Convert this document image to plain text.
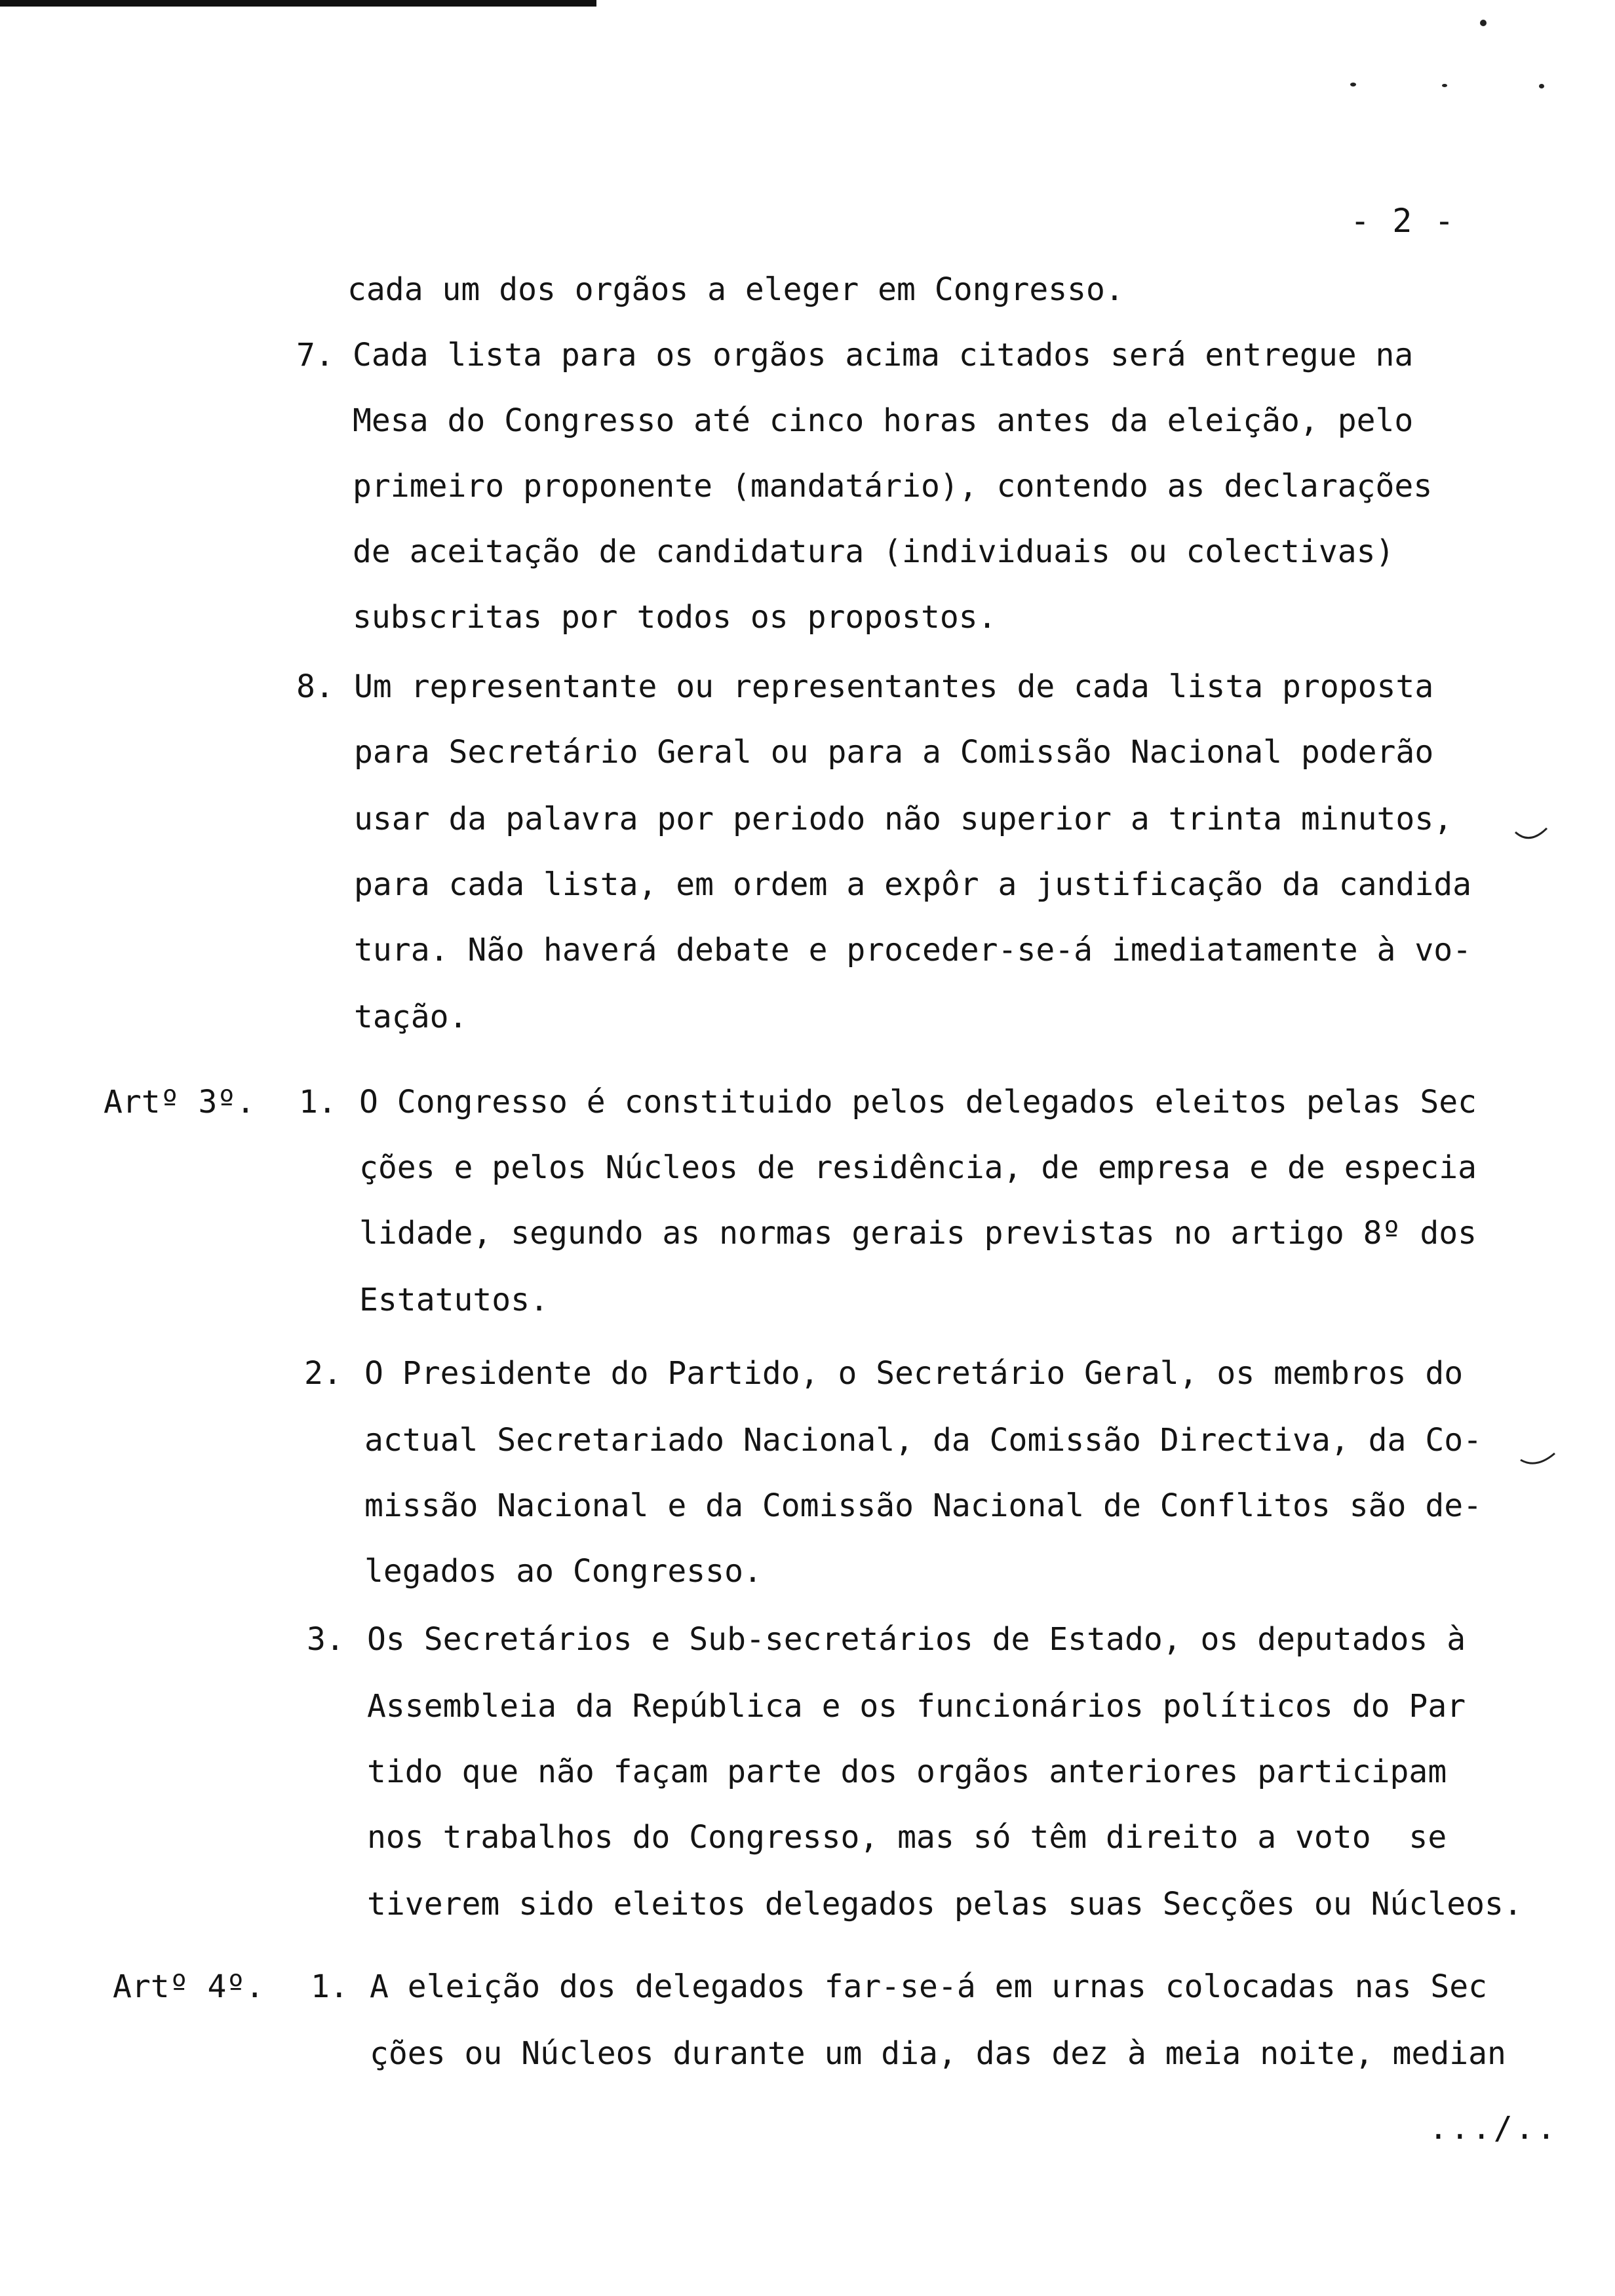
- 2 -
cada um dos orgãos a eleger em Congresso.
7. Cada lista para os orgãos acima citados será entregue na
Mesa do Congresso até cinco horas antes da eleição, pelo
primeiro proponente (mandatário), contendo as declarações
de aceitação de candidatura (individuais ou colectivas)
subscritas por todos os propostos.
8. Um representante ou representantes de cada lista proposta
para Secretário Geral ou para a Comissão Nacional poderão
usar da palavra por periodo não superior a trinta minutos,
para cada lista, em ordem a expôr a justificação da candida
tura. Não haverá debate e proceder-se-á imediatamente à vo-
tação.
Artº 3º. 1. O Congresso é constituido pelos delegados eleitos pelas Sec
ções e pelos Núcleos de residência, de empresa e de especia
lidade, segundo as normas gerais previstas no artigo 8º dos
Estatutos.
2. O Presidente do Partido, o Secretário Geral, os membros do
actual Secretariado Nacional, da Comissão Directiva, da Co-
missão Nacional e da Comissão Nacional de Conflitos são de-
legados ao Congresso.
3. Os Secretários e Sub-secretários de Estado, os deputados à
Assembleia da República e os funcionários políticos do Par
tido que não façam parte dos orgãos anteriores participam
nos trabalhos do Congresso, mas só têm direito a voto  se
tiverem sido eleitos delegados pelas suas Secções ou Núcleos.
Artº 4º. 1. A eleição dos delegados far-se-á em urnas colocadas nas Sec
ções ou Núcleos durante um dia, das dez à meia noite, median
.../..
